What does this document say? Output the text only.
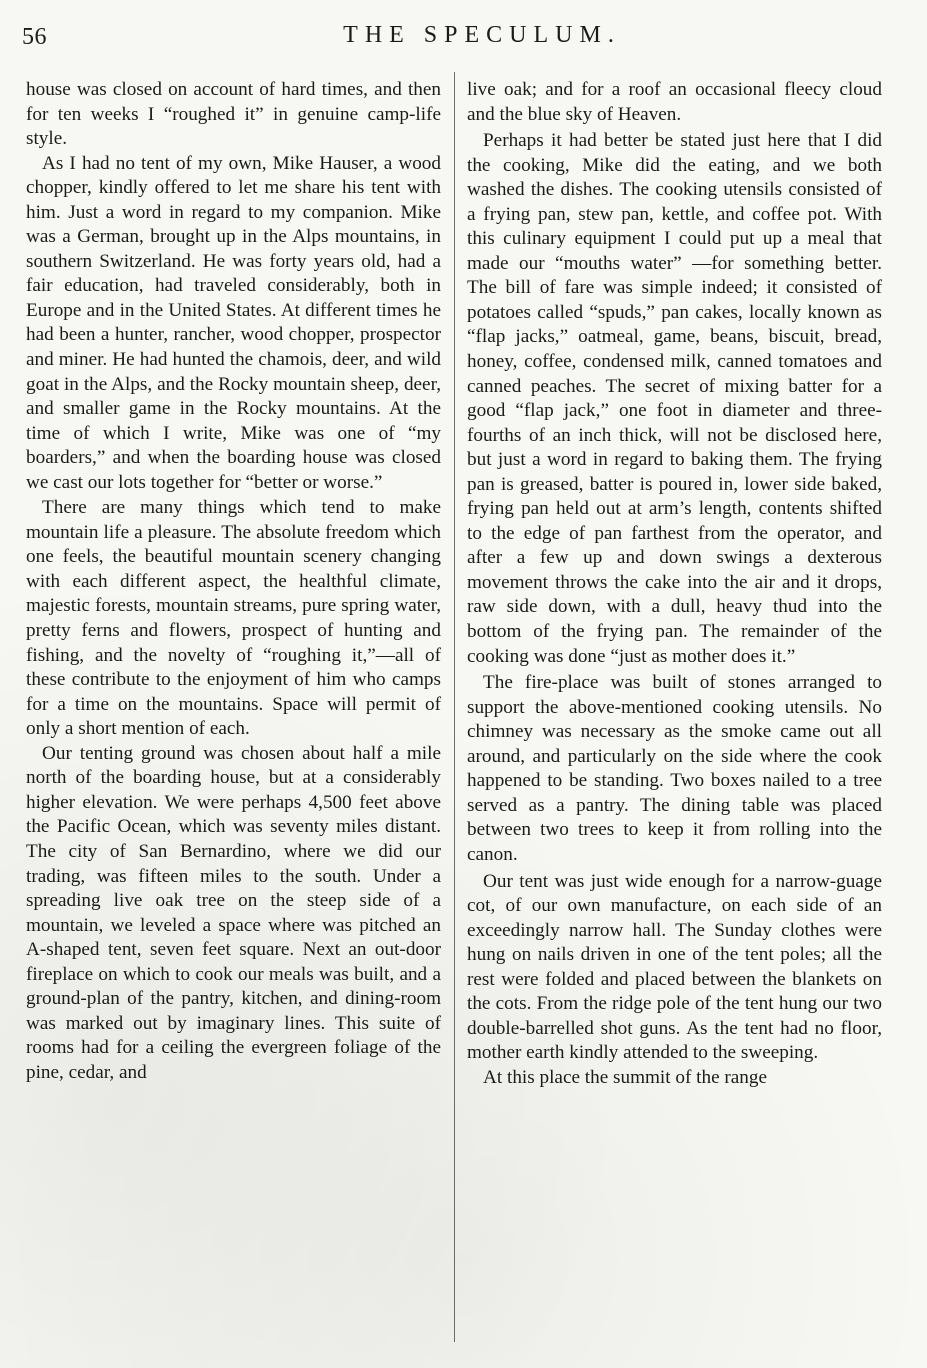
56	THE SPECULUM.

house was closed on account of hard times, and then for ten weeks I “roughed it” in genuine camp-life style.

As I had no tent of my own, Mike Hauser, a wood chopper, kindly offered to let me share his tent with him. Just a word in regard to my companion. Mike was a German, brought up in the Alps mountains, in southern Switzerland. He was forty years old, had a fair education, had traveled considerably, both in Europe and in the United States. At different times he had been a hunter, rancher, wood chopper, prospector and miner. He had hunted the chamois, deer, and wild goat in the Alps, and the Rocky mountain sheep, deer, and smaller game in the Rocky mountains. At the time of which I write, Mike was one of “my boarders,” and when the boarding house was closed we cast our lots together for “better or worse.”

There are many things which tend to make mountain life a pleasure. The absolute freedom which one feels, the beautiful mountain scenery changing with each different aspect, the healthful climate, majestic forests, mountain streams, pure spring water, pretty ferns and flowers, prospect of hunting and fishing, and the novelty of “roughing it,”—all of these contribute to the enjoyment of him who camps for a time on the mountains. Space will permit of only a short mention of each.

Our tenting ground was chosen about half a mile north of the boarding house, but at a considerably higher elevation. We were perhaps 4,500 feet above the Pacific Ocean, which was seventy miles distant. The city of San Bernardino, where we did our trading, was fifteen miles to the south. Under a spreading live oak tree on the steep side of a mountain, we leveled a space where was pitched an A-shaped tent, seven feet square. Next an out-door fireplace on which to cook our meals was built, and a ground-plan of the pantry, kitchen, and dining-room was marked out by imaginary lines. This suite of rooms had for a ceiling the evergreen foliage of the pine, cedar, and

live oak; and for a roof an occasional fleecy cloud and the blue sky of Heaven.

Perhaps it had better be stated just here that I did the cooking, Mike did the eating, and we both washed the dishes. The cooking utensils consisted of a frying pan, stew pan, kettle, and coffee pot. With this culinary equipment I could put up a meal that made our “mouths water” —for something better. The bill of fare was simple indeed; it consisted of potatoes called “spuds,” pan cakes, locally known as “flap jacks,” oatmeal, game, beans, biscuit, bread, honey, coffee, condensed milk, canned tomatoes and canned peaches. The secret of mixing batter for a good “flap jack,” one foot in diameter and three-fourths of an inch thick, will not be disclosed here, but just a word in regard to baking them. The frying pan is greased, batter is poured in, lower side baked, frying pan held out at arm’s length, contents shifted to the edge of pan farthest from the operator, and after a few up and down swings a dexterous movement throws the cake into the air and it drops, raw side down, with a dull, heavy thud into the bottom of the frying pan. The remainder of the cooking was done “just as mother does it.”

The fire-place was built of stones arranged to support the above-mentioned cooking utensils. No chimney was necessary as the smoke came out all around, and particularly on the side where the cook happened to be standing. Two boxes nailed to a tree served as a pantry. The dining table was placed between two trees to keep it from rolling into the canon.

Our tent was just wide enough for a narrow-guage cot, of our own manufacture, on each side of an exceedingly narrow hall. The Sunday clothes were hung on nails driven in one of the tent poles; all the rest were folded and placed between the blankets on the cots. From the ridge pole of the tent hung our two double-barrelled shot guns. As the tent had no floor, mother earth kindly attended to the sweeping.

At this place the summit of the range
